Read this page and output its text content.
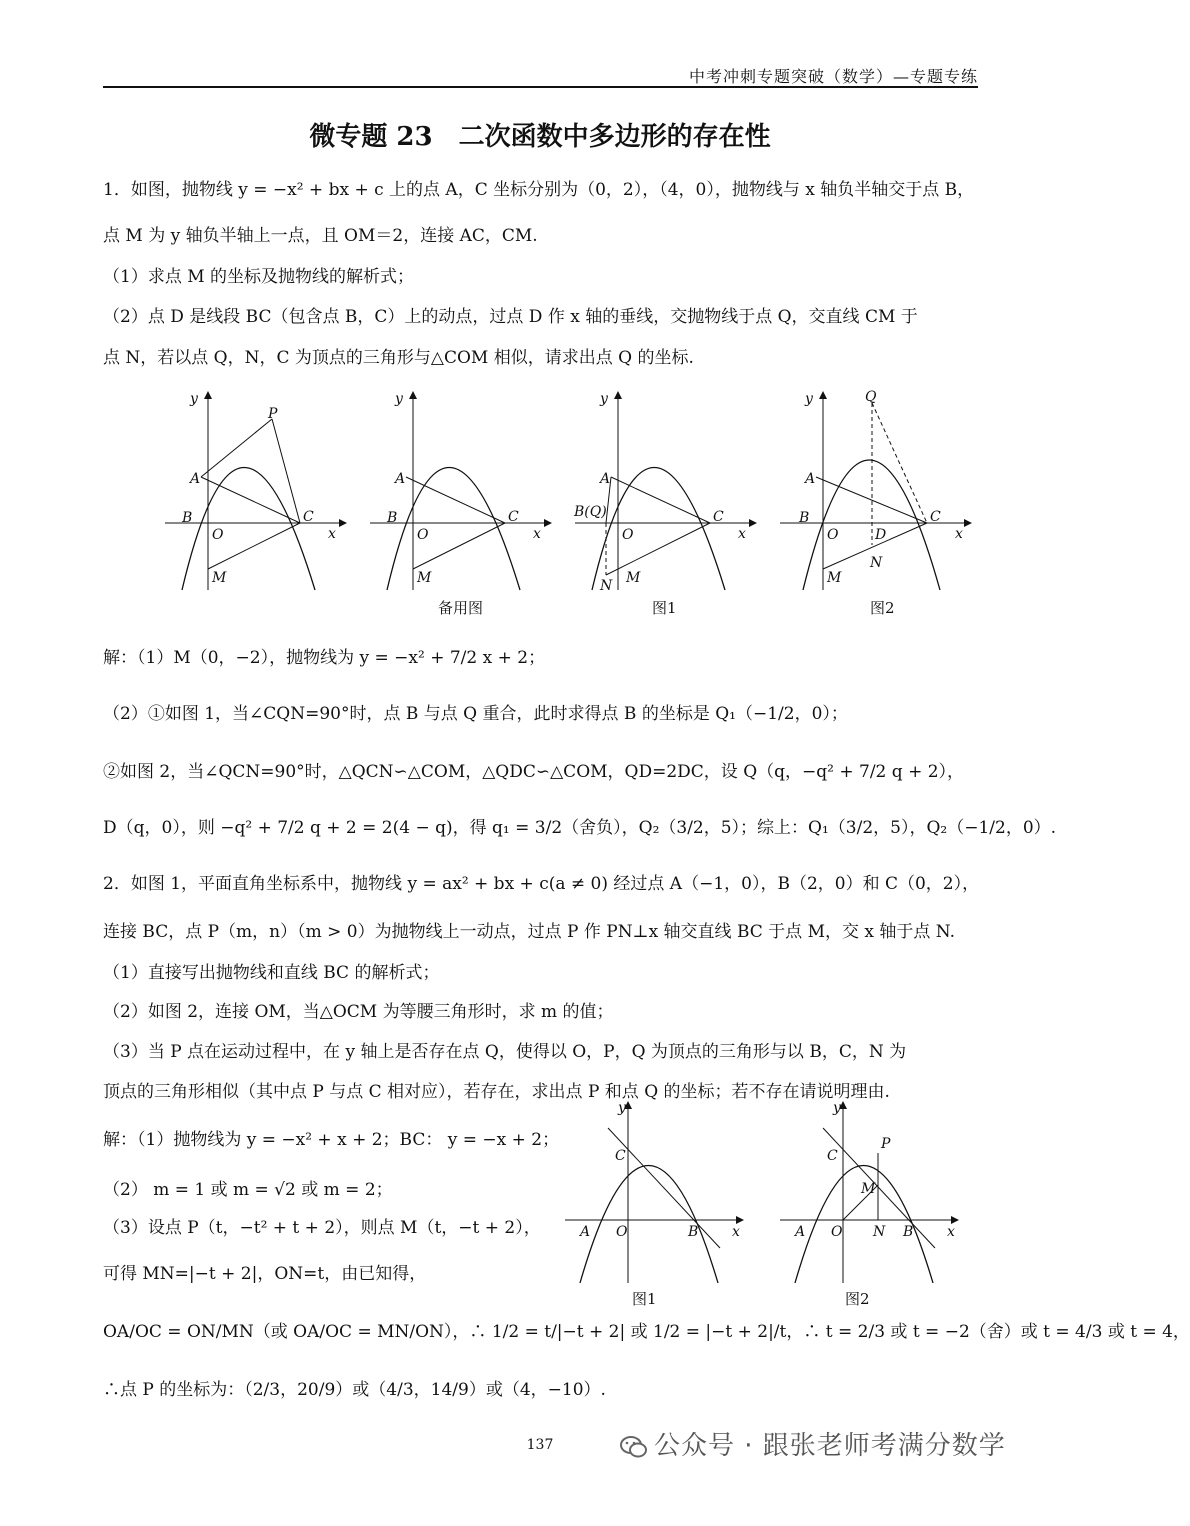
中考冲刺专题突破（数学）—专题专练
微专题 23　二次函数中多边形的存在性
1．如图，抛物线 y = −x² + bx + c 上的点 A，C 坐标分别为（0，2），（4，0），抛物线与 x 轴负半轴交于点 B，
点 M 为 y 轴负半轴上一点，且 OM＝2，连接 AC，CM.
（1）求点 M 的坐标及抛物线的解析式；
（2）点 D 是线段 BC（包含点 B，C）上的动点，过点 D 作 x 轴的垂线，交抛物线于点 Q，交直线 CM 于
点 N，若以点 Q，N，C 为顶点的三角形与△COM 相似，请求出点 Q 的坐标.
y
x
A
B	C
O
M
P
y
x
A
B	C
O
M
y
x
A
B(Q)	C
O
M
N
y
x
A
B	C
O	D
M
N
Q
备用图	图1	图2
解：（1）M（0，−2），抛物线为 y = −x² + 7/2 x + 2；
（2）①如图 1，当∠CQN=90°时，点 B 与点 Q 重合，此时求得点 B 的坐标是 Q₁（−1/2，0）；
②如图 2，当∠QCN=90°时，△QCN∽△COM，△QDC∽△COM，QD=2DC，设 Q（q，−q² + 7/2 q + 2），
D（q，0），则 −q² + 7/2 q + 2 = 2(4 − q)，得 q₁ = 3/2（舍负），Q₂（3/2，5）；综上：Q₁（3/2，5），Q₂（−1/2，0）.
2．如图 1，平面直角坐标系中，抛物线 y = ax² + bx + c(a ≠ 0) 经过点 A（−1，0），B（2，0）和 C（0，2），
连接 BC，点 P（m，n）（m > 0）为抛物线上一动点，过点 P 作 PN⊥x 轴交直线 BC 于点 M，交 x 轴于点 N.
（1）直接写出抛物线和直线 BC 的解析式；
（2）如图 2，连接 OM，当△OCM 为等腰三角形时，求 m 的值；
（3）当 P 点在运动过程中，在 y 轴上是否存在点 Q，使得以 O，P，Q 为顶点的三角形与以 B，C，N 为
顶点的三角形相似（其中点 P 与点 C 相对应），若存在，求出点 P 和点 Q 的坐标；若不存在请说明理由.
解：（1）抛物线为 y = −x² + x + 2；BC： y = −x + 2；
（2） m = 1 或 m = √2 或 m = 2；
（3）设点 P（t，−t² + t + 2），则点 M（t，−t + 2），
可得 MN=|−t + 2|，ON=t，由已知得，
y
x
C
A O	B
y
x
C
A O N B
M
P
图1	图2
OA/OC = ON/MN（或 OA/OC = MN/ON），∴ 1/2 = t/|−t + 2| 或 1/2 = |−t + 2|/t，∴ t = 2/3 或 t = −2（舍）或 t = 4/3 或 t = 4，
∴点 P 的坐标为：（2/3，20/9）或（4/3，14/9）或（4，−10）.
137	公众号 · 跟张老师考满分数学
